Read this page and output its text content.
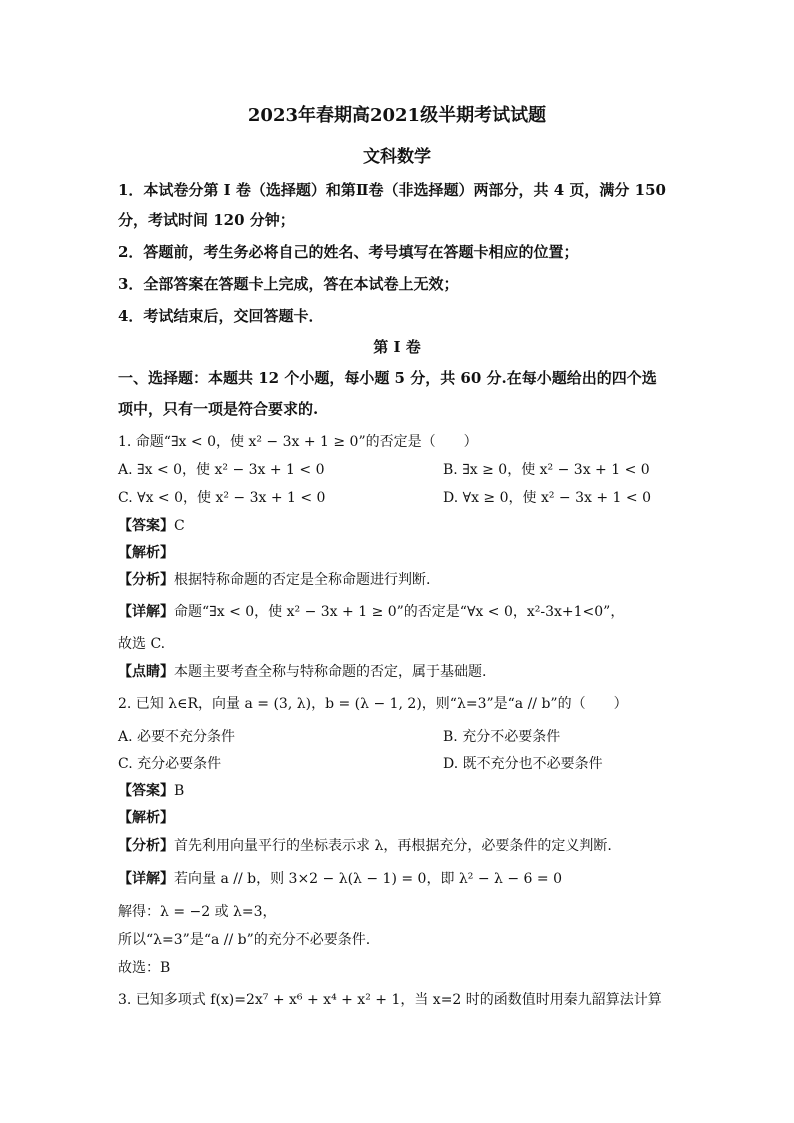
2023年春期高2021级半期考试试题
文科数学
1．本试卷分第 I 卷（选择题）和第Ⅱ卷（非选择题）两部分，共 4 页，满分 150
分，考试时间 120 分钟；
2．答题前，考生务必将自己的姓名、考号填写在答题卡相应的位置；
3．全部答案在答题卡上完成，答在本试卷上无效；
4．考试结束后，交回答题卡．
第 I 卷
一、选择题：本题共 12 个小题，每小题 5 分，共 60 分.在每小题给出的四个选
项中，只有一项是符合要求的.
1. 命题“∃x < 0，使 x² − 3x + 1 ≥ 0”的否定是（　　）
A. ∃x < 0，使 x² − 3x + 1 < 0	B. ∃x ≥ 0，使 x² − 3x + 1 < 0
C. ∀x < 0，使 x² − 3x + 1 < 0	D. ∀x ≥ 0，使 x² − 3x + 1 < 0
【答案】C
【解析】
【分析】根据特称命题的否定是全称命题进行判断.
【详解】命题“∃x < 0，使 x² − 3x + 1 ≥ 0”的否定是“∀x < 0，x²-3x+1<0”，
故选 C.
【点睛】本题主要考查全称与特称命题的否定，属于基础题.
2. 已知 λ∈R，向量 a = (3, λ)，b = (λ − 1, 2)，则“λ=3”是“a // b”的（　　）
A. 必要不充分条件	B. 充分不必要条件
C. 充分必要条件	D. 既不充分也不必要条件
【答案】B
【解析】
【分析】首先利用向量平行的坐标表示求 λ，再根据充分，必要条件的定义判断.
【详解】若向量 a // b，则 3×2 − λ(λ − 1) = 0，即 λ² − λ − 6 = 0
解得：λ = −2 或 λ=3，
所以“λ=3”是“a // b”的充分不必要条件.
故选：B
3. 已知多项式 f(x)=2x⁷ + x⁶ + x⁴ + x² + 1，当 x=2 时的函数值时用秦九韶算法计算
